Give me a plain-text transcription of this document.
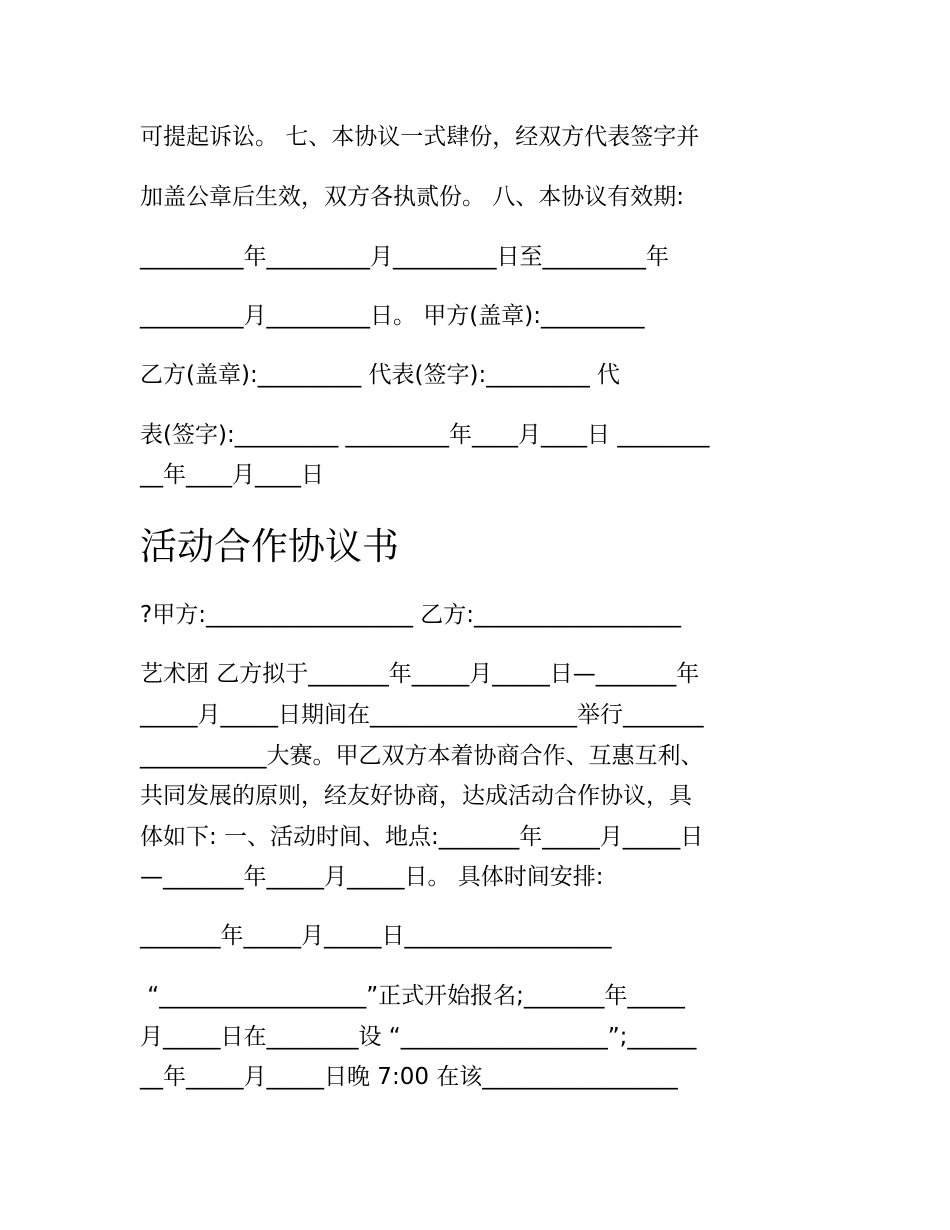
可提起诉讼。 七、本协议一式肆份，经双方代表签字并
加盖公章后生效，双方各执贰份。 八、本协议有效期:
_________年_________月_________日至_________年
_________月_________日。 甲方(盖章):_________
乙方(盖章):_________ 代表(签字):_________ 代
表(签字):_________ _________年____月____日 ________
__年____月____日
活动合作协议书
?甲方:__________________ 乙方:__________________
艺术团 乙方拟于_______年_____月_____日—_______年
_____月_____日期间在__________________举行_______
___________大赛。甲乙双方本着协商合作、互惠互利、
共同发展的原则，经友好协商，达成活动合作协议，具
体如下: 一、活动时间、地点:_______年_____月_____日
—_______年_____月_____日。 具体时间安排:
_______年_____月_____日__________________
“__________________”正式开始报名;_______年_____
月_____日在________设 “__________________”;______
__年_____月_____日晚 7:00 在该_________________
